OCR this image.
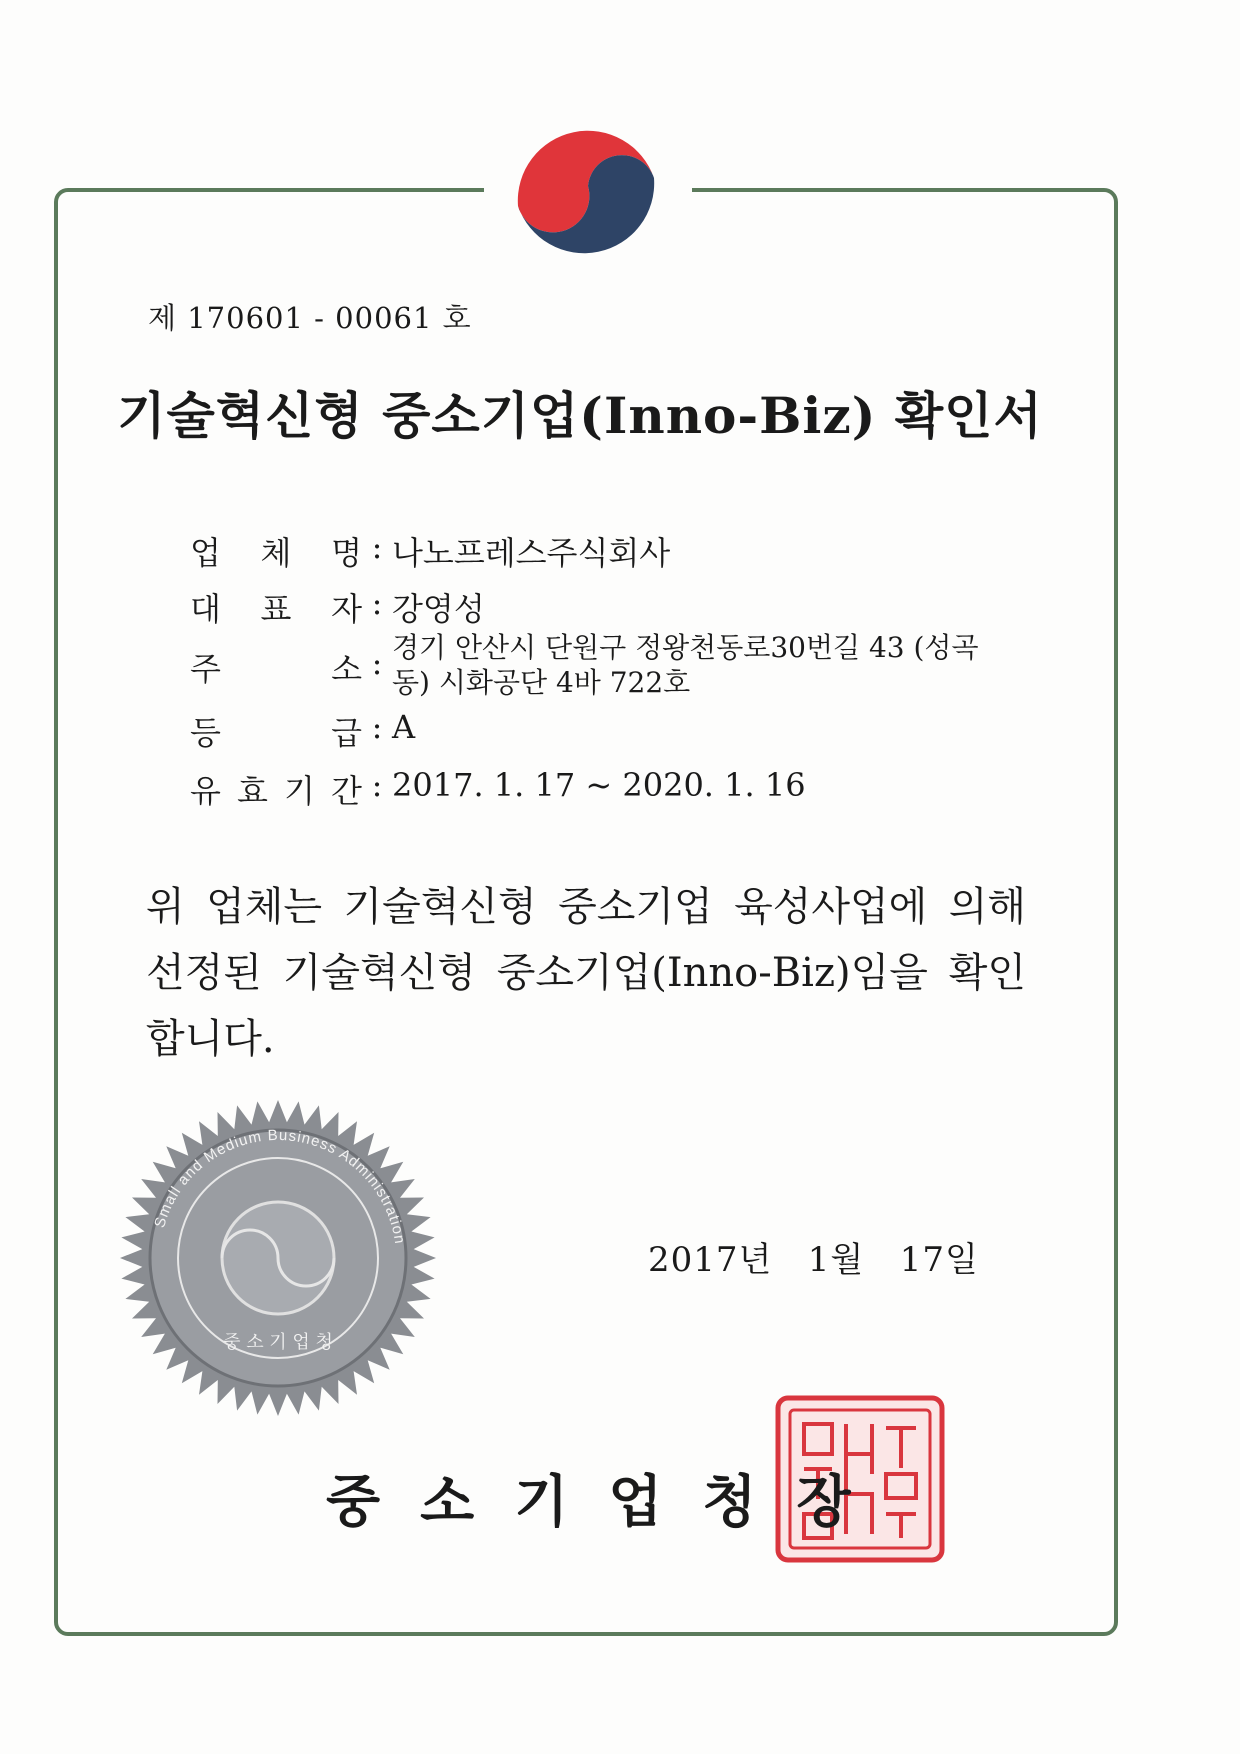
제 170601 - 00061 호
기술혁신형 중소기업(Inno-Biz) 확인서
업 체 명 : 나노프레스주식회사
대 표 자 : 강영성
주	소 : 경기 안산시 단원구 정왕천동로30번길 43 (성곡동) 시화공단 4바 722호
등	급 : A
유 효 기 간 : 2017. 1. 17 ~ 2020. 1. 16
위 업체는 기술혁신형 중소기업 육성사업에 의해 선정된 기술혁신형 중소기업(Inno-Biz)임을 확인합니다.
Small and Medium Business Administration
중 소 기 업 청
2017년   1월   17일
중소기업청장
